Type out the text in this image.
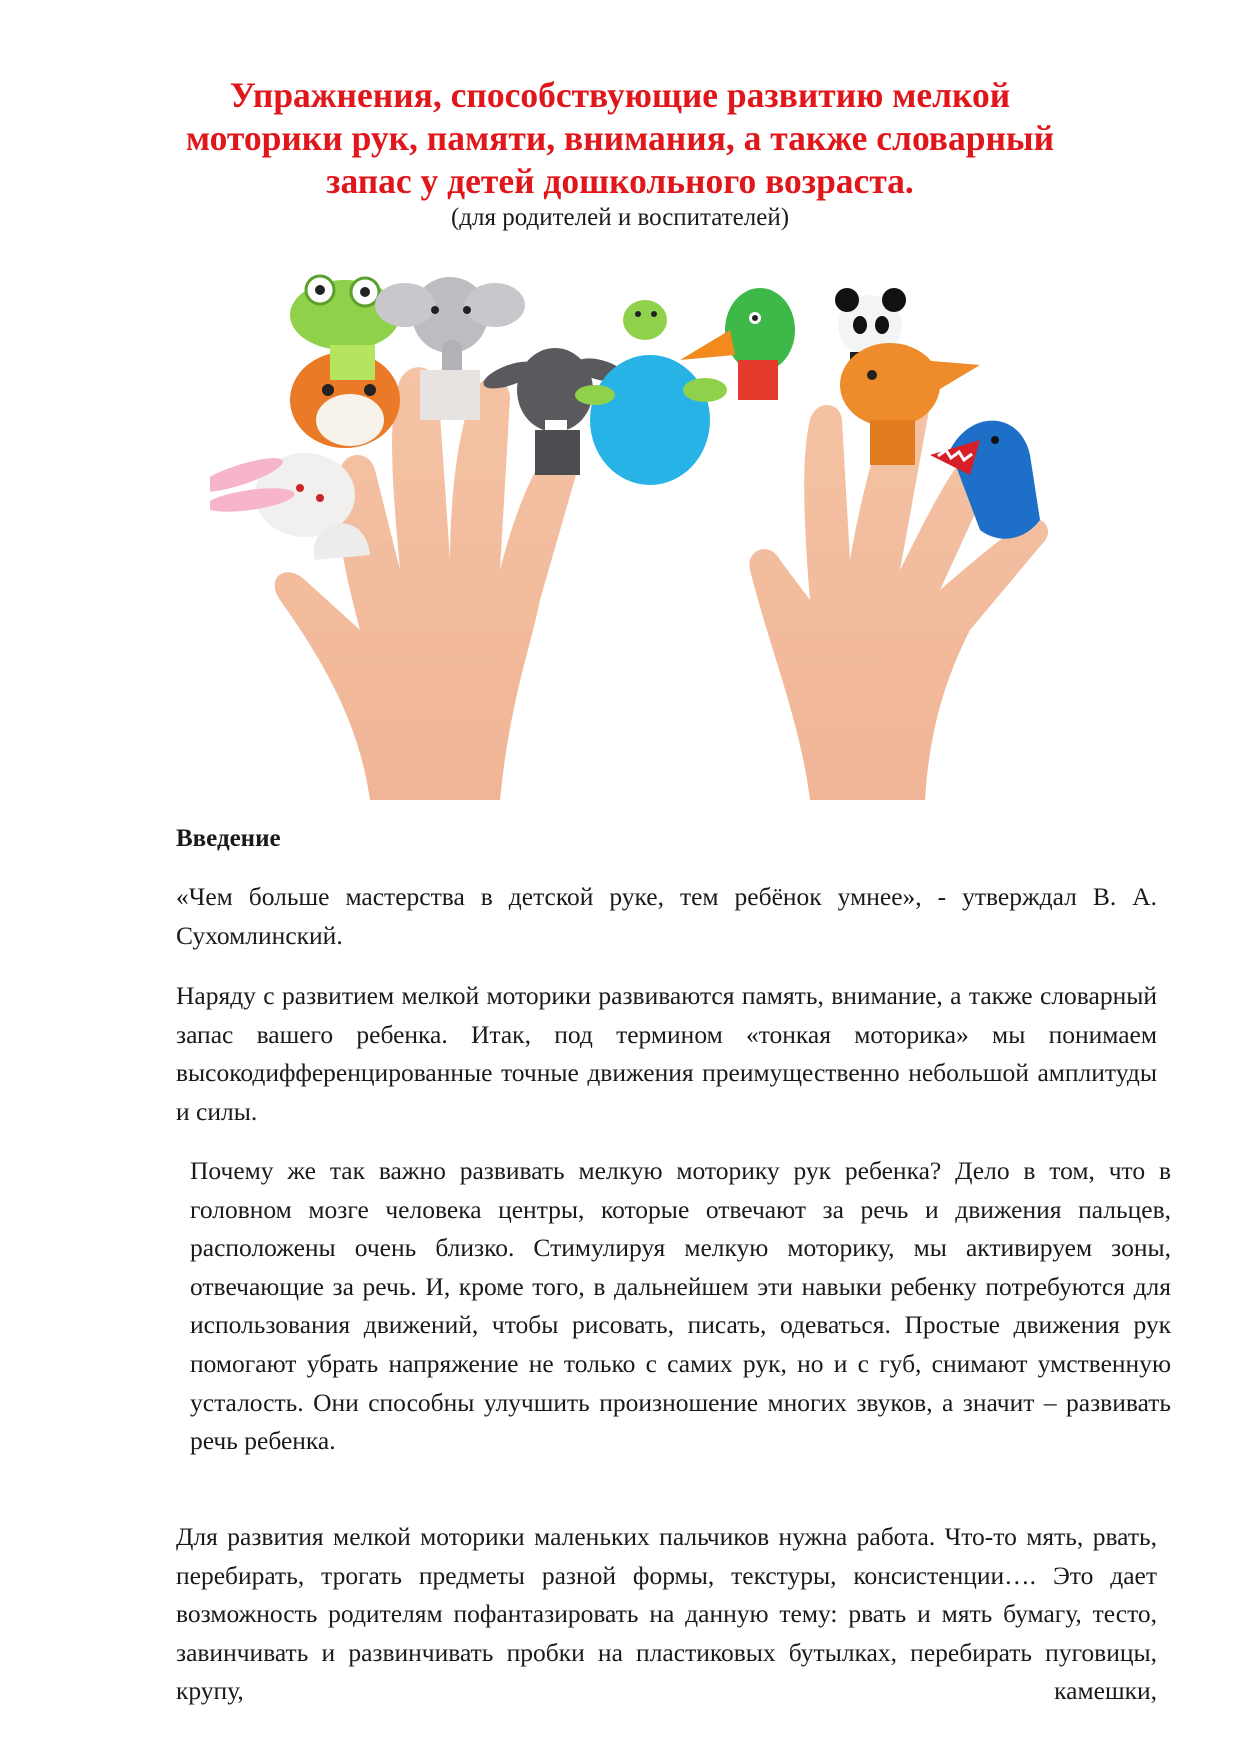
Упражнения, способствующие развитию мелкой
моторики рук, памяти, внимания, а также словарный
запас у детей дошкольного возраста.
(для родителей и воспитателей)
Введение
«Чем больше мастерства в детской руке, тем ребёнок умнее», - утверждал В. А. Сухомлинский.
Наряду с развитием мелкой моторики развиваются память, внимание, а также словарный запас вашего ребенка. Итак, под термином «тонкая моторика» мы понимаем высокодифференцированные точные движения преимущественно небольшой амплитуды и силы.
Почему же так важно развивать мелкую моторику рук ребенка? Дело в том, что в головном мозге человека центры, которые отвечают за речь и движения пальцев, расположены очень близко. Стимулируя мелкую моторику, мы активируем зоны, отвечающие за речь. И, кроме того, в дальнейшем эти навыки ребенку потребуются для использования движений, чтобы рисовать, писать, одеваться. Простые движения рук помогают убрать напряжение не только с самих рук, но и с губ, снимают умственную усталость. Они способны улучшить произношение многих звуков, а значит – развивать речь ребенка.
Для развития мелкой моторики маленьких пальчиков нужна работа. Что-то мять, рвать, перебирать, трогать предметы разной формы, текстуры, консистенции…. Это дает возможность родителям пофантазировать на данную тему: рвать и мять бумагу, тесто, завинчивать и развинчивать пробки на пластиковых бутылках, перебирать пуговицы, крупу, камешки,
